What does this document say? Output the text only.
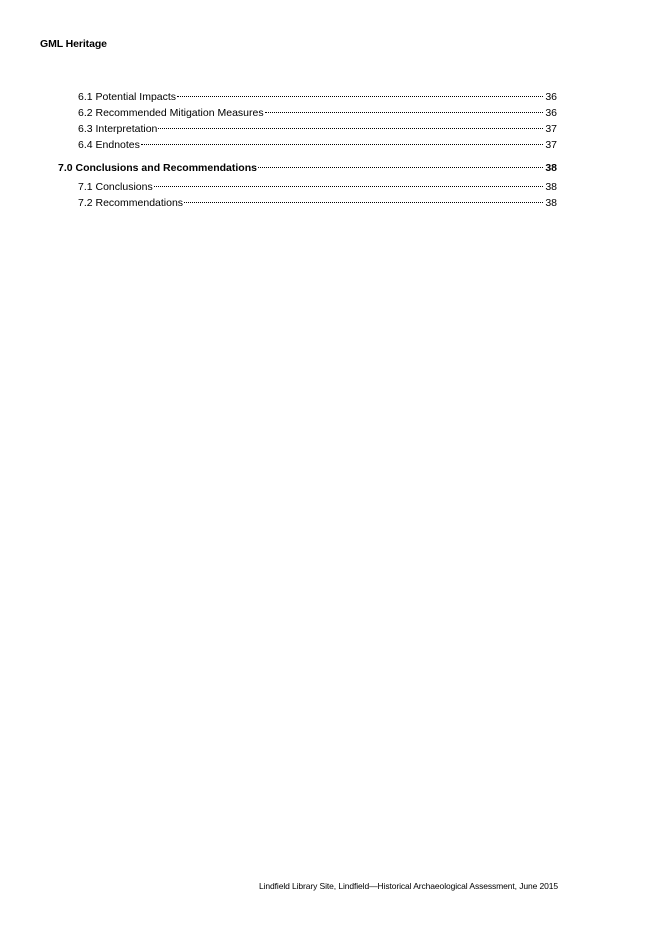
GML Heritage
6.1 Potential Impacts	36
6.2 Recommended Mitigation Measures	36
6.3 Interpretation	37
6.4 Endnotes	37
7.0 Conclusions and Recommendations	38
7.1 Conclusions	38
7.2 Recommendations	38
Lindfield Library Site, Lindfield—Historical Archaeological Assessment, June 2015
